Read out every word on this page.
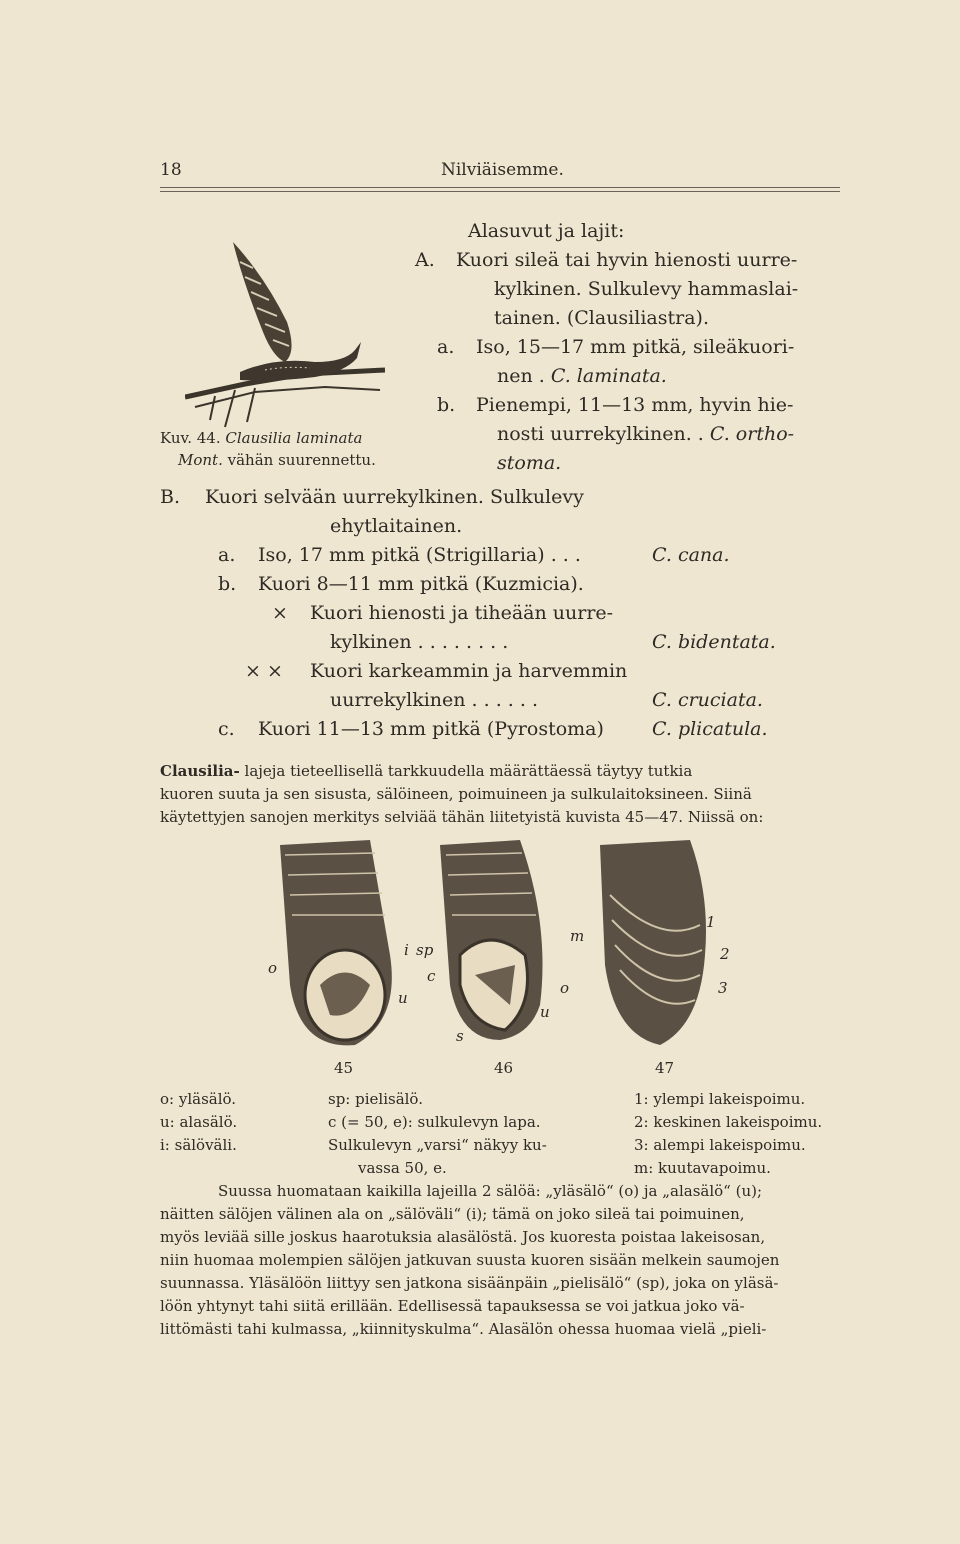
18	Nilviäisemme.
Kuv. 44. Clausilia laminata
Mont. vähän suurennettu.
Alasuvut ja lajit:
A. Kuori sileä tai hyvin hienosti uurre-
kylkinen. Sulkulevy hammaslai-
tainen. (Clausiliastra).
a. Iso, 15—17 mm pitkä, sileäkuori-
nen . C. laminata.
b. Pienempi, 11—13 mm, hyvin hie-
nosti uurrekylkinen. . C. ortho-
stoma.
B. Kuori selvään uurrekylkinen. Sulkulevy
ehytlaitainen.
a. Iso, 17 mm pitkä (Strigillaria) . . .	C. cana.
b. Kuori 8—11 mm pitkä (Kuzmicia).
× Kuori hienosti ja tiheään uurre-
kylkinen . . . . . . . .	C. bidentata.
× × Kuori karkeammin ja harvemmin
uurrekylkinen . . . . . .	C. cruciata.
c. Kuori 11—13 mm pitkä (Pyrostoma)	C. plicatula.
Clausilia- lajeja tieteellisellä tarkkuudella määrättäessä täytyy tutkia
kuoren suuta ja sen sisusta, sälöineen, poimuineen ja sulkulaitoksineen. Siinä
käytettyjen sanojen merkitys selviää tähän liitetyistä kuvista 45—47. Niissä on:
o
u
i sp
c
o
u
s
m
1
2
3
45	46	47
o: yläsälö.
u: alasälö.
i: sälöväli.
sp: pielisälö.
c (= 50, e): sulkulevyn lapa.
Sulkulevyn „varsi“ näkyy ku-
vassa 50, e.
1: ylempi lakeispoimu.
2: keskinen lakeispoimu.
3: alempi lakeispoimu.
m: kuutavapoimu.
Suussa huomataan kaikilla lajeilla 2 sälöä: „yläsälö“ (o) ja „alasälö“ (u);
näitten sälöjen välinen ala on „sälöväli“ (i); tämä on joko sileä tai poimuinen,
myös leviää sille joskus haarotuksia alasälöstä. Jos kuoresta poistaa lakeisosan,
niin huomaa molempien sälöjen jatkuvan suusta kuoren sisään melkein saumojen
suunnassa. Yläsälöön liittyy sen jatkona sisäänpäin „pielisälö“ (sp), joka on yläsä-
löön yhtynyt tahi siitä erillään. Edellisessä tapauksessa se voi jatkua joko vä-
littömästi tahi kulmassa, „kiinnityskulma“. Alasälön ohessa huomaa vielä „pieli-
